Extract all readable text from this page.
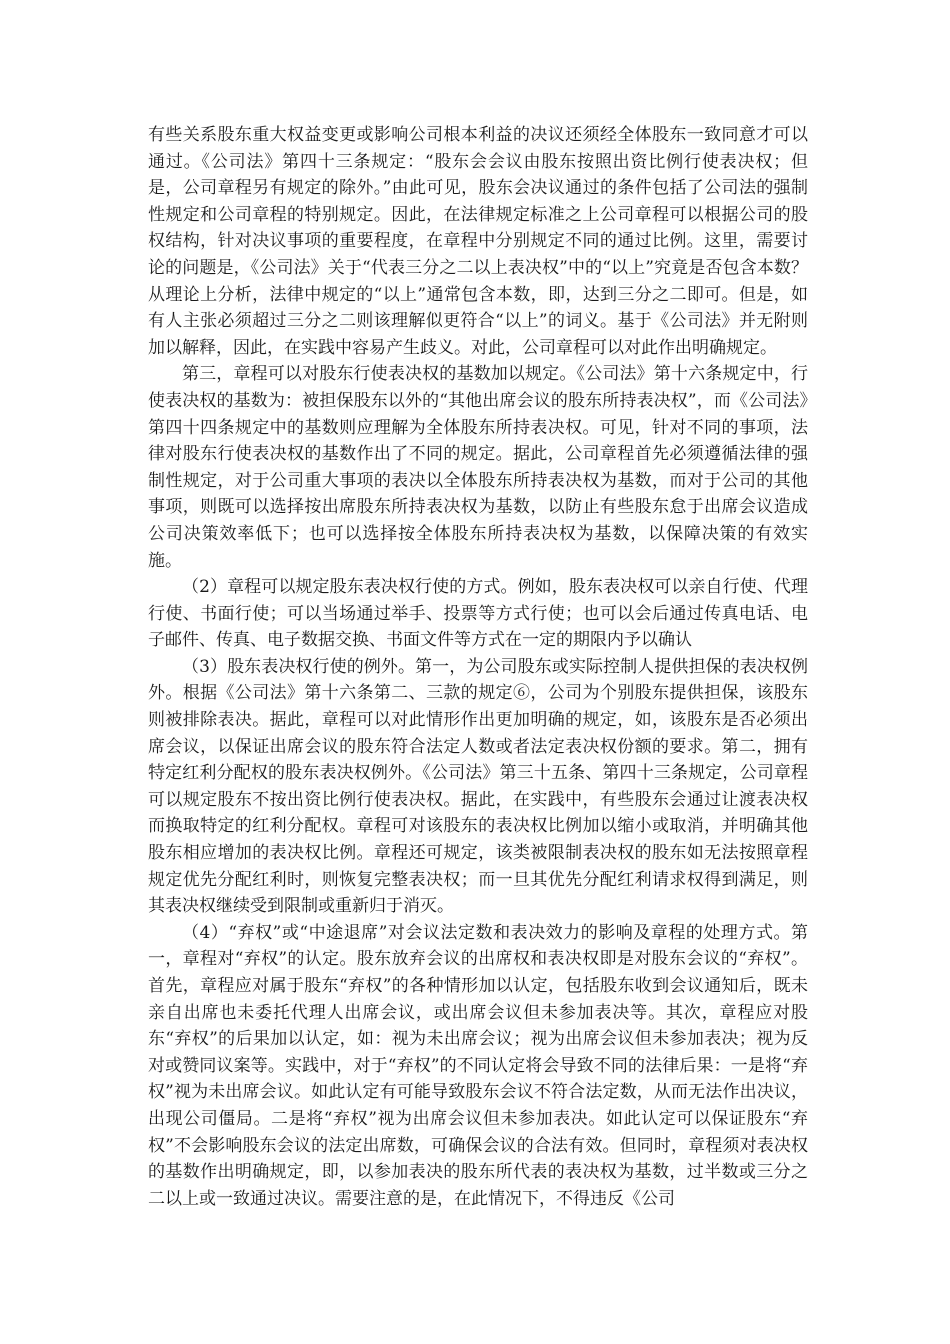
有些关系股东重大权益变更或影响公司根本利益的决议还须经全体股东一致同意才可以通过。《公司法》第四十三条规定：“股东会会议由股东按照出资比例行使表决权；但是，公司章程另有规定的除外。”由此可见，股东会决议通过的条件包括了公司法的强制性规定和公司章程的特别规定。因此，在法律规定标准之上公司章程可以根据公司的股权结构，针对决议事项的重要程度，在章程中分别规定不同的通过比例。这里，需要讨论的问题是，《公司法》关于“代表三分之二以上表决权”中的“以上”究竟是否包含本数？从理论上分析，法律中规定的“以上”通常包含本数，即，达到三分之二即可。但是，如有人主张必须超过三分之二则该理解似更符合“以上”的词义。基于《公司法》并无附则加以解释，因此，在实践中容易产生歧义。对此，公司章程可以对此作出明确规定。

第三，章程可以对股东行使表决权的基数加以规定。《公司法》第十六条规定中，行使表决权的基数为：被担保股东以外的“其他出席会议的股东所持表决权”，而《公司法》第四十四条规定中的基数则应理解为全体股东所持表决权。可见，针对不同的事项，法律对股东行使表决权的基数作出了不同的规定。据此，公司章程首先必须遵循法律的强制性规定，对于公司重大事项的表决以全体股东所持表决权为基数，而对于公司的其他事项，则既可以选择按出席股东所持表决权为基数，以防止有些股东怠于出席会议造成公司决策效率低下；也可以选择按全体股东所持表决权为基数，以保障决策的有效实施。

（2）章程可以规定股东表决权行使的方式。例如，股东表决权可以亲自行使、代理行使、书面行使；可以当场通过举手、投票等方式行使；也可以会后通过传真电话、电子邮件、传真、电子数据交换、书面文件等方式在一定的期限内予以确认

（3）股东表决权行使的例外。第一，为公司股东或实际控制人提供担保的表决权例外。根据《公司法》第十六条第二、三款的规定⑥，公司为个别股东提供担保，该股东则被排除表决。据此，章程可以对此情形作出更加明确的规定，如，该股东是否必须出席会议，以保证出席会议的股东符合法定人数或者法定表决权份额的要求。第二，拥有特定红利分配权的股东表决权例外。《公司法》第三十五条、第四十三条规定，公司章程可以规定股东不按出资比例行使表决权。据此，在实践中，有些股东会通过让渡表决权而换取特定的红利分配权。章程可对该股东的表决权比例加以缩小或取消，并明确其他股东相应增加的表决权比例。章程还可规定，该类被限制表决权的股东如无法按照章程规定优先分配红利时，则恢复完整表决权；而一旦其优先分配红利请求权得到满足，则其表决权继续受到限制或重新归于消灭。

（4）“弃权”或“中途退席”对会议法定数和表决效力的影响及章程的处理方式。第一，章程对“弃权”的认定。股东放弃会议的出席权和表决权即是对股东会议的“弃权”。首先，章程应对属于股东“弃权”的各种情形加以认定，包括股东收到会议通知后，既未亲自出席也未委托代理人出席会议，或出席会议但未参加表决等。其次，章程应对股东“弃权”的后果加以认定，如：视为未出席会议；视为出席会议但未参加表决；视为反对或赞同议案等。实践中，对于“弃权”的不同认定将会导致不同的法律后果：一是将“弃权”视为未出席会议。如此认定有可能导致股东会议不符合法定数，从而无法作出决议，出现公司僵局。二是将“弃权”视为出席会议但未参加表决。如此认定可以保证股东“弃权”不会影响股东会议的法定出席数，可确保会议的合法有效。但同时，章程须对表决权的基数作出明确规定，即，以参加表决的股东所代表的表决权为基数，过半数或三分之二以上或一致通过决议。需要注意的是，在此情况下，不得违反《公司
